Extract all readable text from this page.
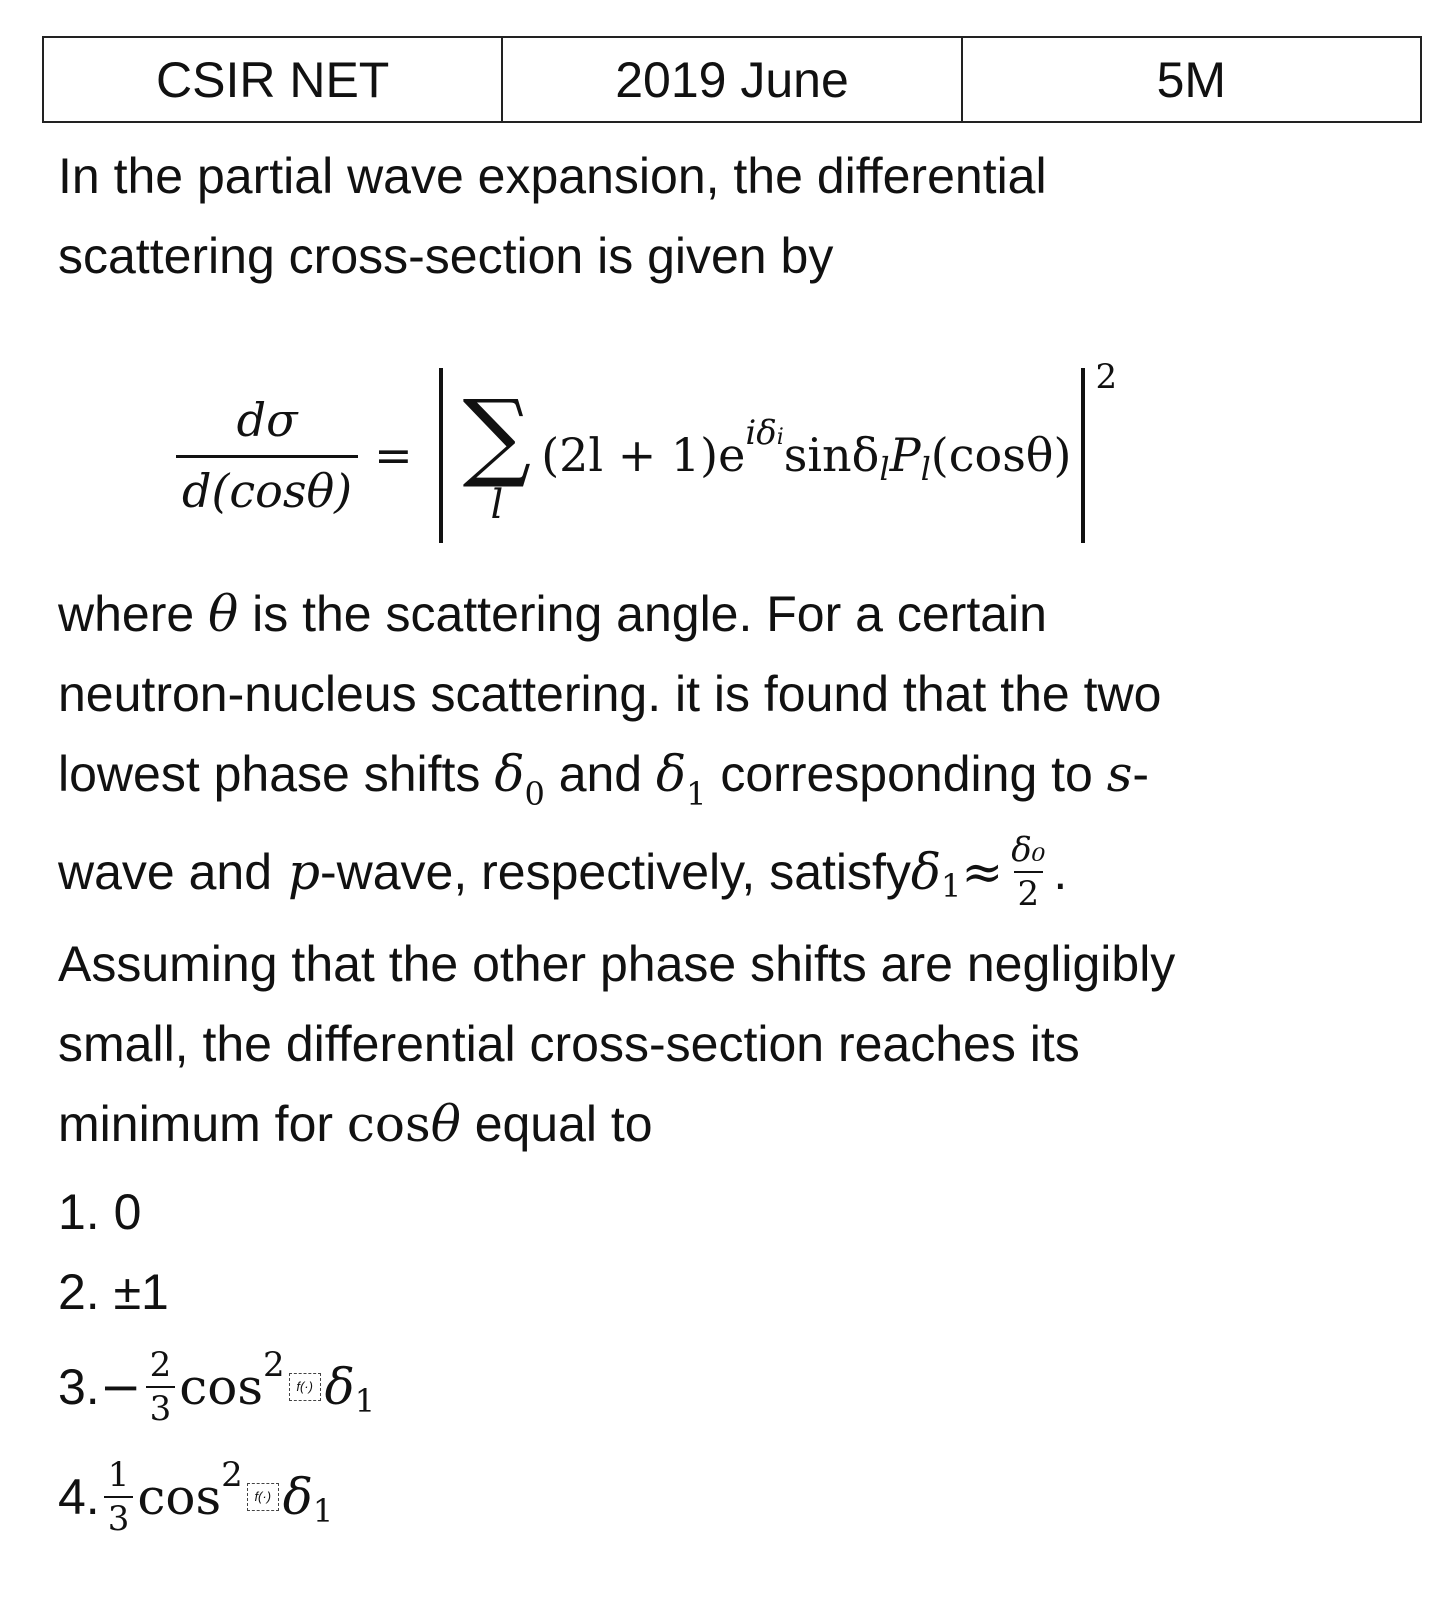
CSIR NET	2019 June	5M
In the partial wave expansion, the differential
scattering cross-section is given by
$\frac{d\sigma}{d(\cos\theta)}$ = ∑
l
(2l + 1)e iδi sinδ l P l (cosθ)
2
where θ is the scattering angle. For a certain
neutron-nucleus scattering. it is found that the two
lowest phase shifts $\delta_0$ and $\delta_1$ corresponding to s-
wave and
p -wave, respectively, satisfy δ $1 \approx \frac{\text{δ₀}}{2}$ .
Assuming that the other phase shifts are negligibly
small, the differential cross-section reaches its
minimum for cosθ equal to
1. 0
2. ±1
3. − $\frac{2}{3}$ cos 2
f(·) δ 1
4. 1
3 cos 2
f(·) δ 1
